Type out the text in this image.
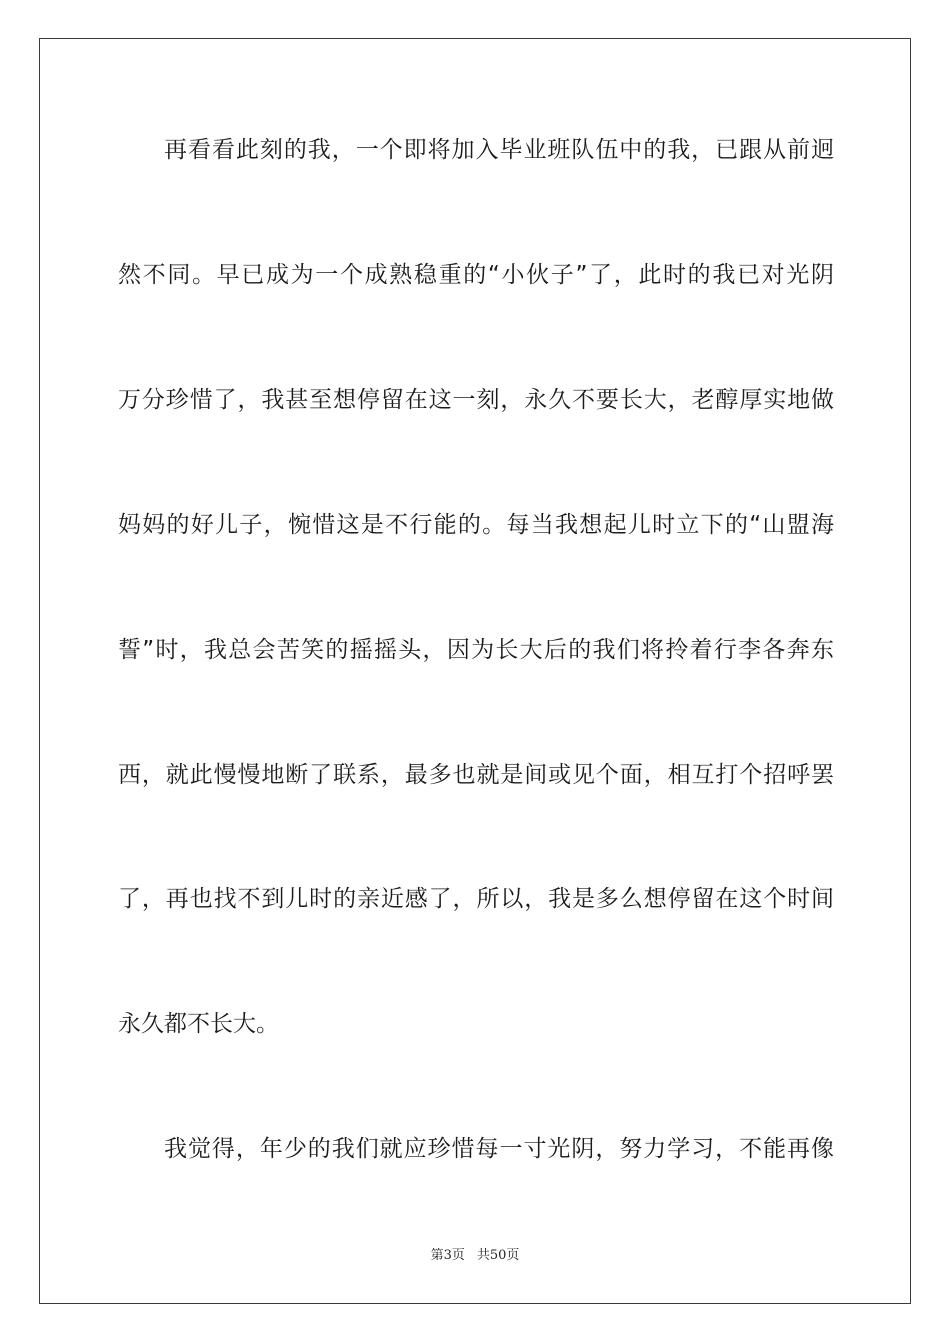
再看看此刻的我，一个即将加入毕业班队伍中的我，已跟从前迥
然不同。早已成为一个成熟稳重的“小伙子”了，此时的我已对光阴
万分珍惜了，我甚至想停留在这一刻，永久不要长大，老醇厚实地做
妈妈的好儿子，惋惜这是不行能的。每当我想起儿时立下的“山盟海
誓”时，我总会苦笑的摇摇头，因为长大后的我们将拎着行李各奔东
西，就此慢慢地断了联系，最多也就是间或见个面，相互打个招呼罢
了，再也找不到儿时的亲近感了，所以，我是多么想停留在这个时间
永久都不长大。
我觉得，年少的我们就应珍惜每一寸光阴，努力学习，不能再像
第3页 共50页
